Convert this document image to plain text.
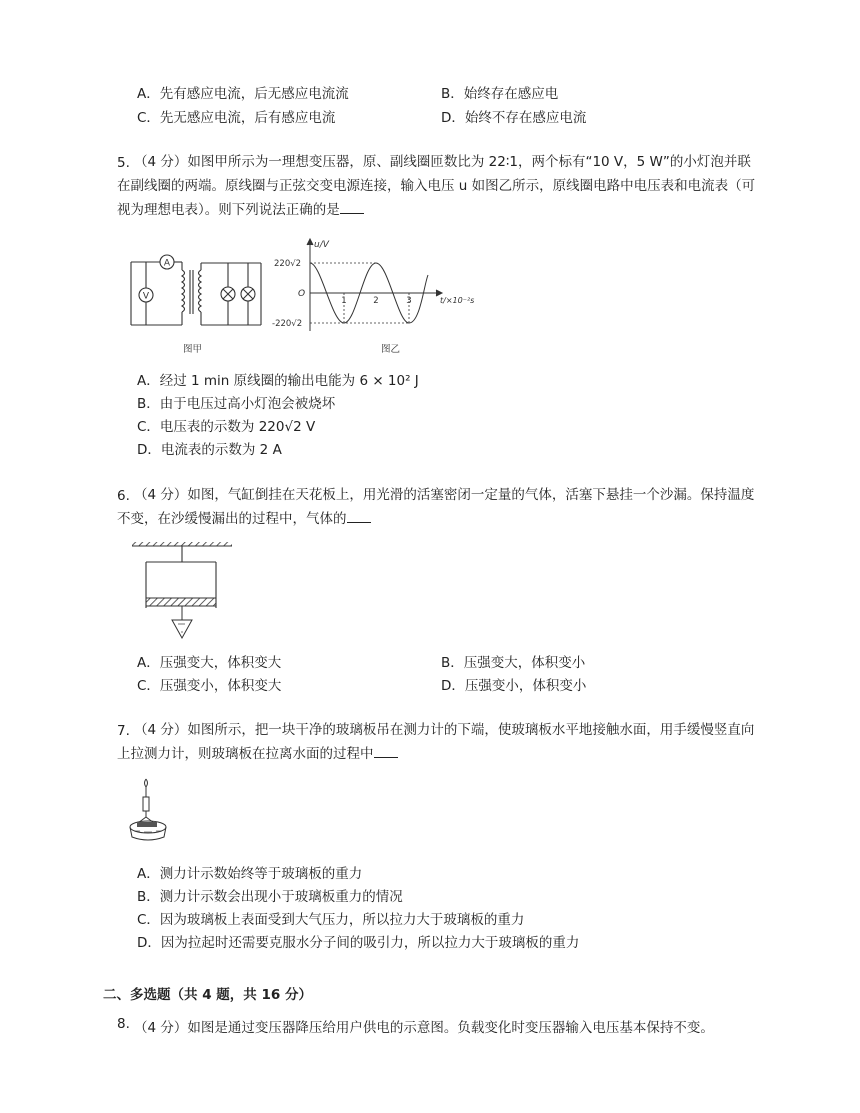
A．先有感应电流，后无感应电流流	B．始终存在感应电
C．先无感应电流，后有感应电流	D．始终不存在感应电流
5. （4 分）如图甲所示为一理想变压器，原、副线圈匝数比为 22∶1，两个标有“10 V，5 W”的小灯泡并联在副线圈的两端。原线圈与正弦交变电源连接，输入电压 u 如图乙所示，原线圈电路中电压表和电流表（可视为理想电表）。则下列说法正确的是
A
V
图甲
u/V
220√2
O
-220√2
1	2	3	t/×10⁻²s
图乙
A．经过 1 min 原线圈的输出电能为 6 × 10² J
B．由于电压过高小灯泡会被烧坏
C．电压表的示数为 220√2 V
D．电流表的示数为 2 A
6. （4 分）如图，气缸倒挂在天花板上，用光滑的活塞密闭一定量的气体，活塞下悬挂一个沙漏。保持温度不变，在沙缓慢漏出的过程中，气体的
A．压强变大，体积变大	B．压强变大，体积变小
C．压强变小，体积变大	D．压强变小，体积变小
7. （4 分）如图所示，把一块干净的玻璃板吊在测力计的下端，使玻璃板水平地接触水面，用手缓慢竖直向上拉测力计，则玻璃板在拉离水面的过程中
A．测力计示数始终等于玻璃板的重力
B．测力计示数会出现小于玻璃板重力的情况
C．因为玻璃板上表面受到大气压力，所以拉力大于玻璃板的重力
D．因为拉起时还需要克服水分子间的吸引力，所以拉力大于玻璃板的重力
二、多选题（共 4 题，共 16 分）
8. （4 分）如图是通过变压器降压给用户供电的示意图。负载变化时变压器输入电压基本保持不变。
